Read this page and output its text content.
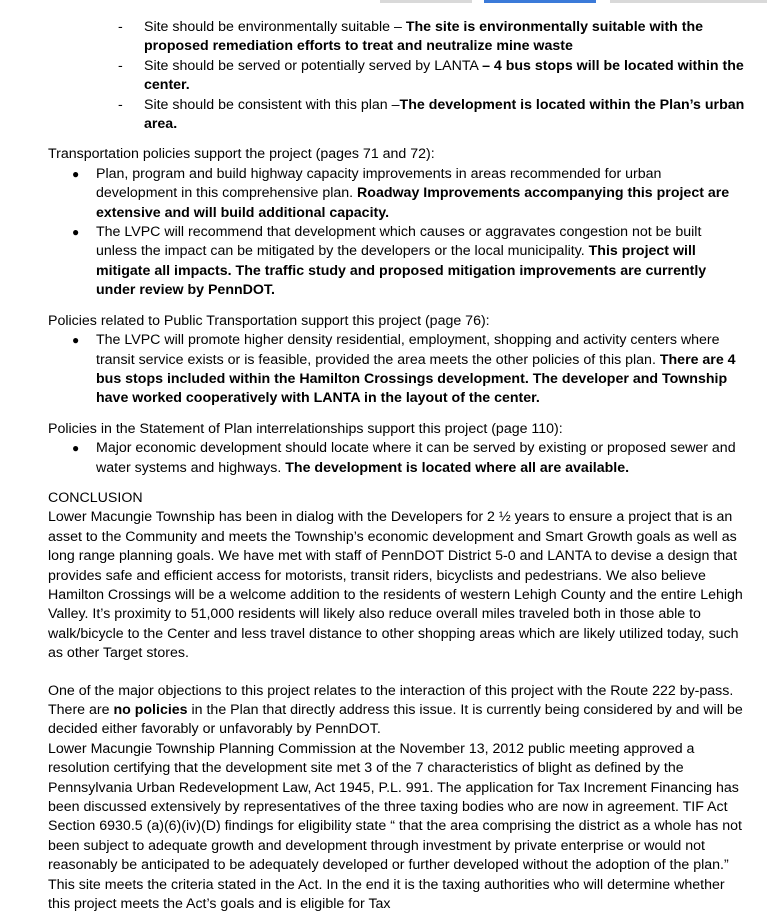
- Site should be environmentally suitable – The site is environmentally suitable with the proposed remediation efforts to treat and neutralize mine waste
- Site should be served or potentially served by LANTA – 4 bus stops will be located within the center.
- Site should be consistent with this plan –The development is located within the Plan’s urban area.

Transportation policies support the project (pages 71 and 72):

● Plan, program and build highway capacity improvements in areas recommended for urban development in this comprehensive plan. Roadway Improvements accompanying this project are extensive and will build additional capacity.
● The LVPC will recommend that development which causes or aggravates congestion not be built unless the impact can be mitigated by the developers or the local municipality. This project will mitigate all impacts. The traffic study and proposed mitigation improvements are currently under review by PennDOT.

Policies related to Public Transportation support this project (page 76):

● The LVPC will promote higher density residential, employment, shopping and activity centers where transit service exists or is feasible, provided the area meets the other policies of this plan. There are 4 bus stops included within the Hamilton Crossings development. The developer and Township have worked cooperatively with LANTA in the layout of the center.

Policies in the Statement of Plan interrelationships support this project (page 110):

● Major economic development should locate where it can be served by existing or proposed sewer and water systems and highways. The development is located where all are available.

CONCLUSION

Lower Macungie Township has been in dialog with the Developers for 2 ½ years to ensure a project that is an asset to the Community and meets the Township’s economic development and Smart Growth goals as well as long range planning goals. We have met with staff of PennDOT District 5-0 and LANTA to devise a design that provides safe and efficient access for motorists, transit riders, bicyclists and pedestrians. We also believe Hamilton Crossings will be a welcome addition to the residents of western Lehigh County and the entire Lehigh Valley. It’s proximity to 51,000 residents will likely also reduce overall miles traveled both in those able to walk/bicycle to the Center and less travel distance to other shopping areas which are likely utilized today, such as other Target stores.

One of the major objections to this project relates to the interaction of this project with the Route 222 by-pass. There are no policies in the Plan that directly address this issue. It is currently being considered by and will be decided either favorably or unfavorably by PennDOT.

Lower Macungie Township Planning Commission at the November 13, 2012 public meeting approved a resolution certifying that the development site met 3 of the 7 characteristics of blight as defined by the Pennsylvania Urban Redevelopment Law, Act 1945, P.L. 991. The application for Tax Increment Financing has been discussed extensively by representatives of the three taxing bodies who are now in agreement. TIF Act Section 6930.5 (a)(6)(iv)(D) findings for eligibility state “ that the area comprising the district as a whole has not been subject to adequate growth and development through investment by private enterprise or would not reasonably be anticipated to be adequately developed or further developed without the adoption of the plan.” This site meets the criteria stated in the Act. In the end it is the taxing authorities who will determine whether this project meets the Act’s goals and is eligible for Tax
